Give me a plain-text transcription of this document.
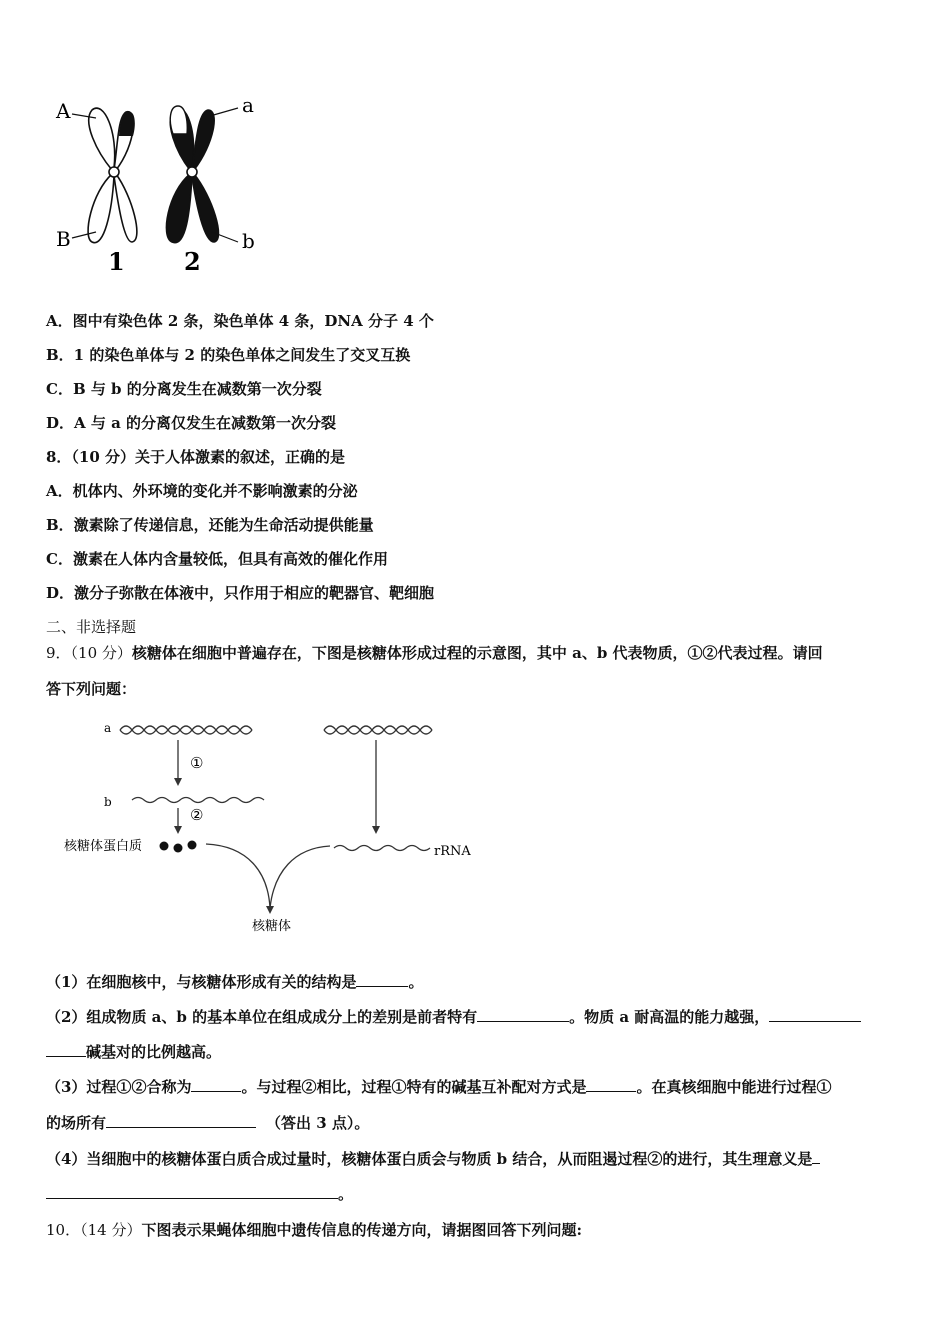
A
B
a
b
1 2
A．图中有染色体 2 条，染色单体 4 条，DNA 分子 4 个
B．1 的染色单体与 2 的染色单体之间发生了交叉互换
C．B 与 b 的分离发生在减数第一次分裂
D．A 与 a 的分离仅发生在减数第一次分裂
8．（10 分）关于人体激素的叙述，正确的是
A．机体内、外环境的变化并不影响激素的分泌
B．激素除了传递信息，还能为生命活动提供能量
C．激素在人体内含量较低，但具有高效的催化作用
D．激分子弥散在体液中，只作用于相应的靶器官、靶细胞
二、非选择题
9．（10 分）核糖体在细胞中普遍存在，下图是核糖体形成过程的示意图，其中 a、b 代表物质，①②代表过程。请回
答下列问题：
a
①
b
②
核糖体蛋白质	rRNA
核糖体
（1）在细胞核中，与核糖体形成有关的结构是	。
（2）组成物质 a、b 的基本单位在组成成分上的差别是前者特有	。物质 a 耐高温的能力越强，
碱基对的比例越高。
（3）过程①②合称为	。与过程②相比，过程①特有的碱基互补配对方式是	。在真核细胞中能进行过程①
的场所有	（答出 3 点）。
（4）当细胞中的核糖体蛋白质合成过量时，核糖体蛋白质会与物质 b 结合，从而阻遏过程②的进行，其生理意义是
。
10．（14 分）下图表示果蝇体细胞中遗传信息的传递方向，请据图回答下列问题:
